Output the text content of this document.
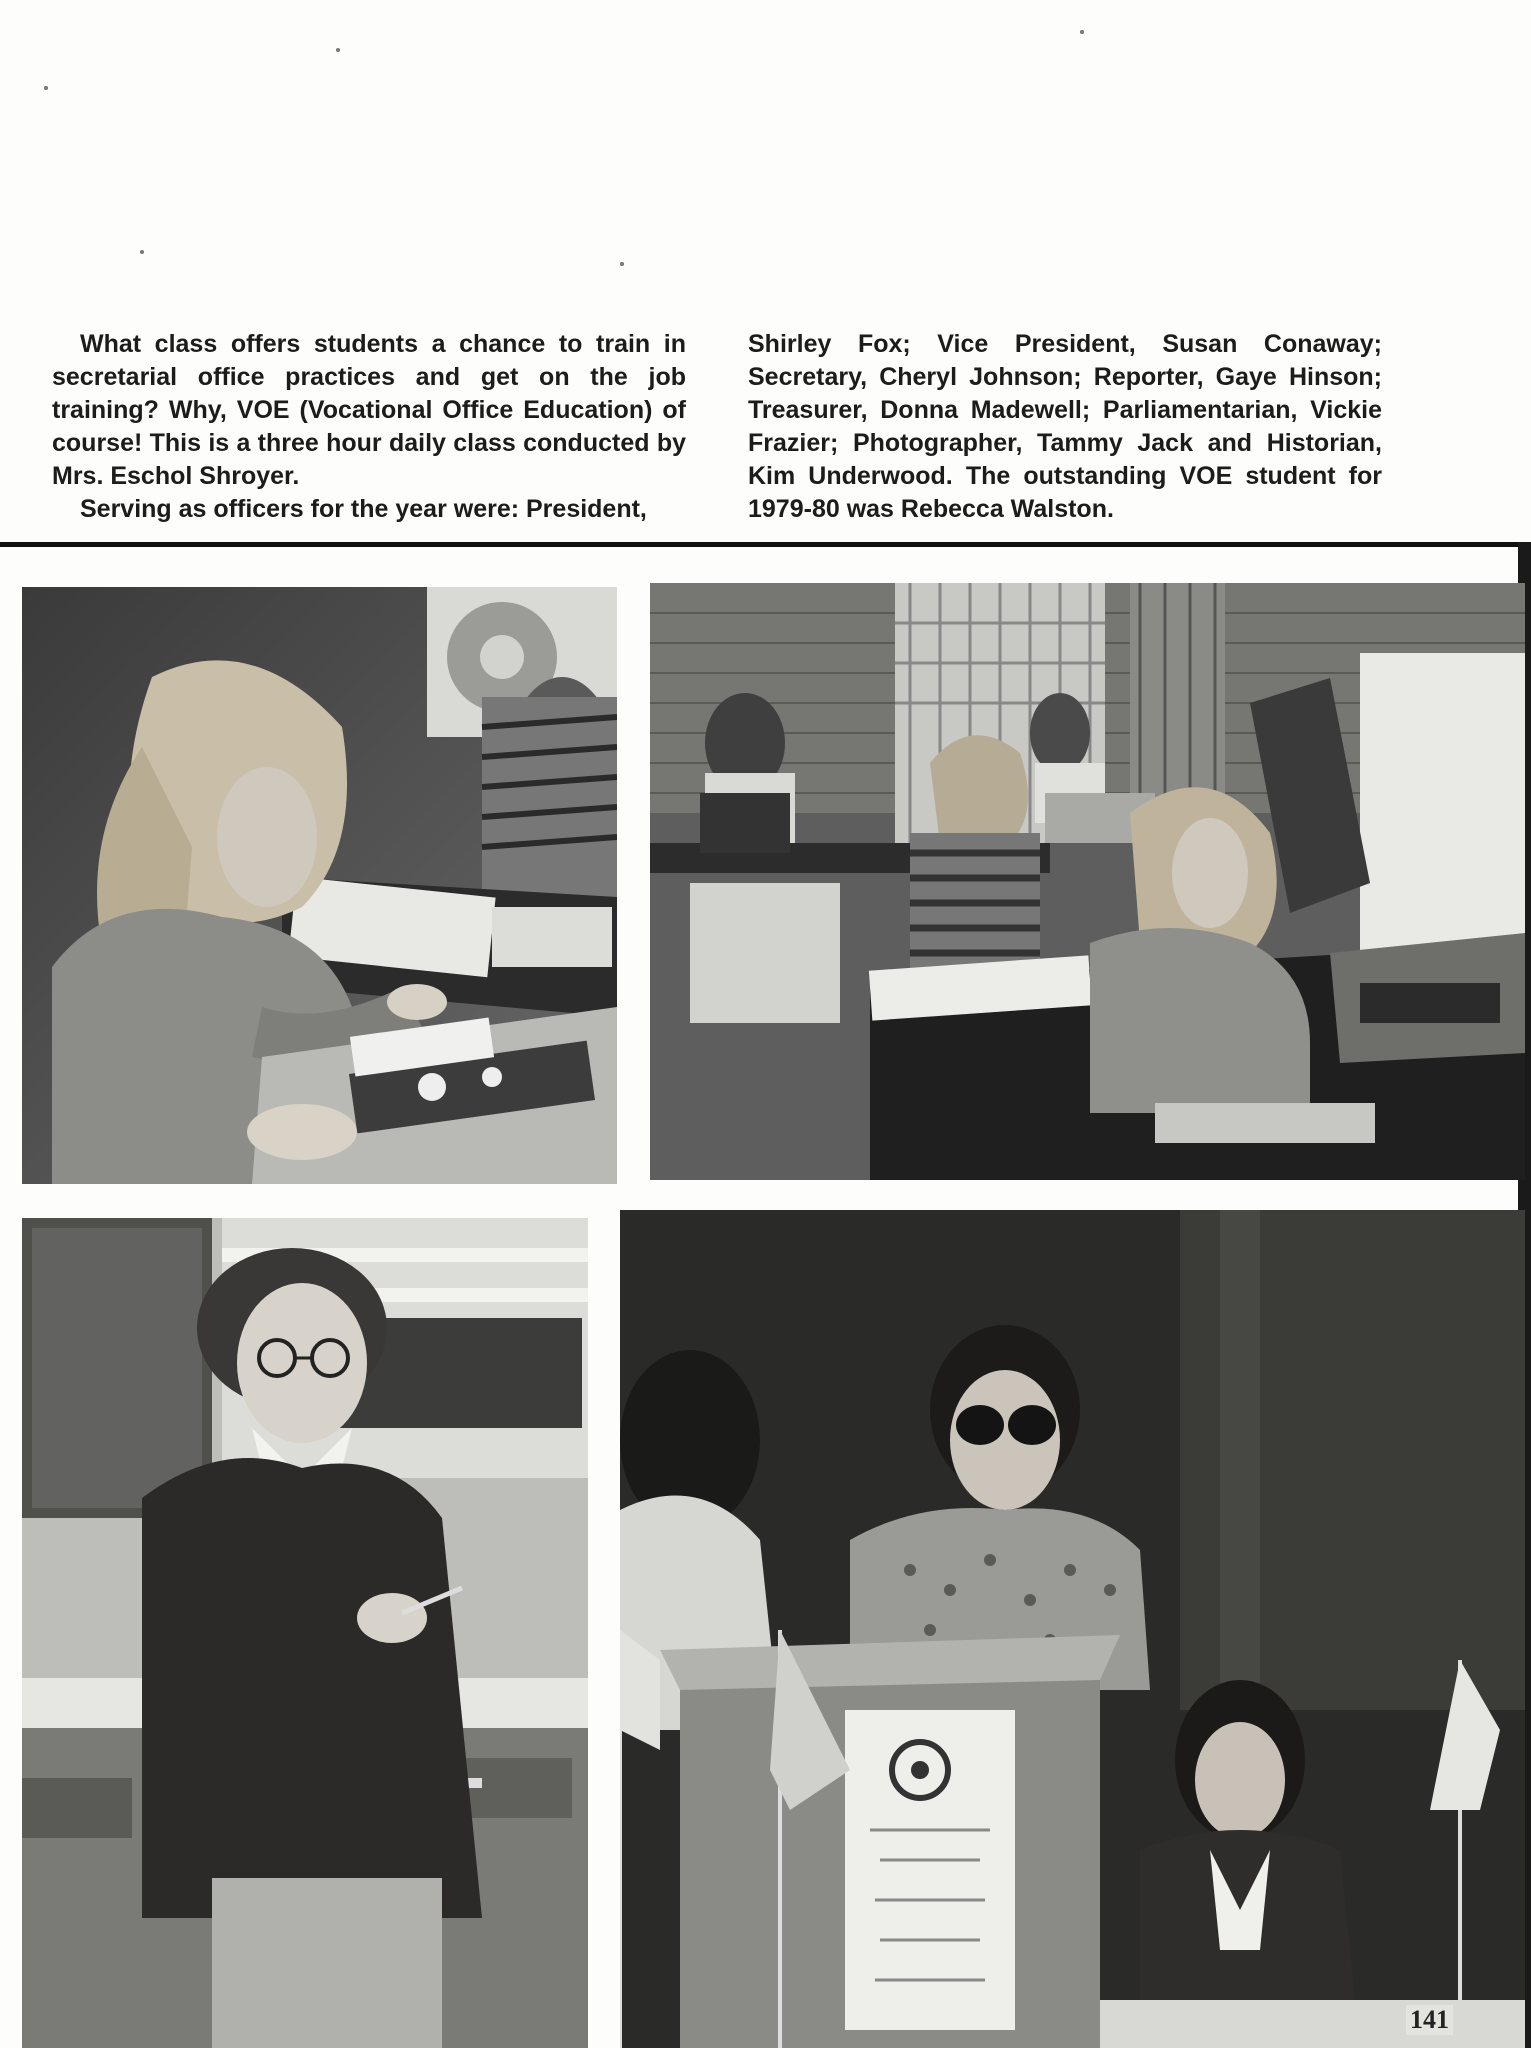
What class offers students a chance to train in secretarial office practices and get on the job training? Why, VOE (Vocational Office Education) of course! This is a three hour daily class conducted by Mrs. Eschol Shroyer.

Serving as officers for the year were: President,

Shirley Fox; Vice President, Susan Conaway; Secretary, Cheryl Johnson; Reporter, Gaye Hinson; Treasurer, Donna Madewell; Parliamentarian, Vickie Frazier; Photographer, Tammy Jack and Historian, Kim Underwood. The outstanding VOE student for 1979-80 was Rebecca Walston.

141
